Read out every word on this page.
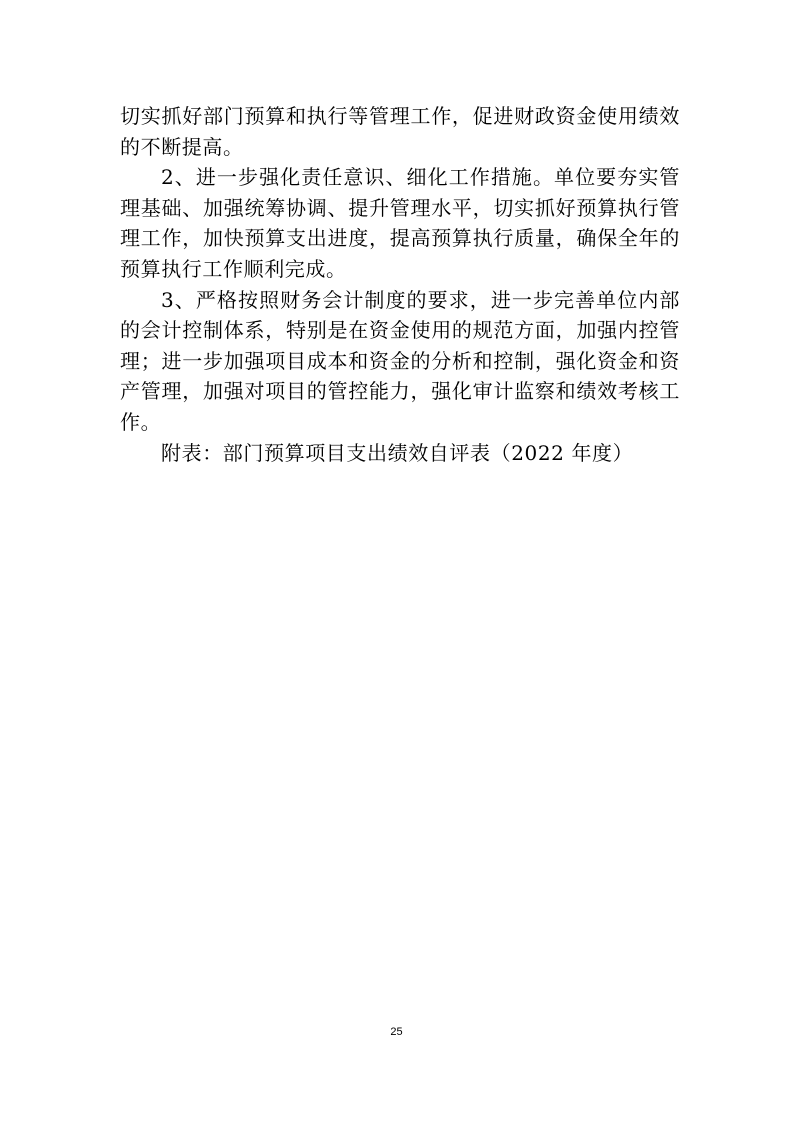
切实抓好部门预算和执行等管理工作，促进财政资金使用绩效的不断提高。

2、进一步强化责任意识、细化工作措施。单位要夯实管理基础、加强统筹协调、提升管理水平，切实抓好预算执行管理工作，加快预算支出进度，提高预算执行质量，确保全年的预算执行工作顺利完成。

3、严格按照财务会计制度的要求，进一步完善单位内部的会计控制体系，特别是在资金使用的规范方面，加强内控管理；进一步加强项目成本和资金的分析和控制，强化资金和资产管理，加强对项目的管控能力，强化审计监察和绩效考核工作。

附表：部门预算项目支出绩效自评表（2022 年度）

25
